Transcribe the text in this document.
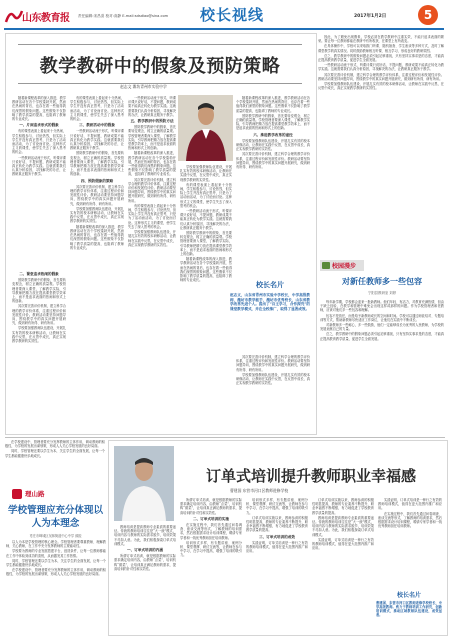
山东教育报 责任编辑:宋昌喜 校对:高静 E-mail:sdsdiao@sina.com 校长视线	2017年1月2日	5
教学教研中的假象及预防策略
赵志文 潍坊青州市实验中学

随着新课程改革的深入推进，教学教研活动在各个学校蓬勃开展，然而在热闹的背后，也存在着一些值得我们深思的假象问题。这些假象不仅影响了教学质量的提高，也阻碍了教师的专业成长。

一、片面追求形式的假象

有的课堂表面上看起来十分热闹，学生积极参与，讨论热烈，但实际上学生并没有真正思考，只是为了活动而活动，为了讨论而讨论。这种形式主义的课堂，使学生失去了深入思考的机会。

一些教研活动流于形式，听课评课只说好话，不提问题，教研成果不能真正转化为教学实践。这就需要我们认真分析原因，寻找解决的办法，让教研真正服务于教学。

二、课堂追求热闹的假象

预防教学教研中的假象，首先要转变观念，树立正确的质量观。学校管理者要深入课堂，了解教学实际，引导教师把精力放在提高课堂教学效率上，而不是追求表面的热闹和形式上的创新。

其次要完善评价机制，建立科学合理的教学评价体系，注重过程评价和发展性评价。教研活动要坚持问题导向，围绕教学中的真实问题开展研究，做到研有所得、研有所用。

学校要加强教师队伍建设，开展扎实有效的校本研修活动，让教师在实践中反思，在反思中成长，真正实现教学教研的实效性。

有的课堂表面上看起来十分热闹，学生积极参与，讨论热烈，但实际上学生并没有真正思考，只是为了活动而活动，为了讨论而讨论。这种形式主义的课堂，使学生失去了深入思考的机会。

三、教研活动中的假象

一些教研活动流于形式，听课评课只说好话，不提问题，教研成果不能真正转化为教学实践。这就需要我们认真分析原因，寻找解决的办法，让教研真正服务于教学。

预防教学教研中的假象，首先要转变观念，树立正确的质量观。学校管理者要深入课堂，了解教学实际，引导教师把精力放在提高课堂教学效率上，而不是追求表面的热闹和形式上的创新。

四、预防假象的策略

其次要完善评价机制，建立科学合理的教学评价体系，注重过程评价和发展性评价。教研活动要坚持问题导向，围绕教学中的真实问题开展研究，做到研有所得、研有所用。

学校要加强教师队伍建设，开展扎实有效的校本研修活动，让教师在实践中反思，在反思中成长，真正实现教学教研的实效性。

随着新课程改革的深入推进，教学教研活动在各个学校蓬勃开展，然而在热闹的背后，也存在着一些值得我们深思的假象问题。这些假象不仅影响了教学质量的提高，也阻碍了教师的专业成长。

一些教研活动流于形式，听课评课只说好话，不提问题，教研成果不能真正转化为教学实践。这就需要我们认真分析原因，寻找解决的办法，让教研真正服务于教学。

五、教学教研中的预防方法

预防教学教研中的假象，首先要转变观念，树立正确的质量观。学校管理者要深入课堂，了解教学实际，引导教师把精力放在提高课堂教学效率上，而不是追求表面的热闹和形式上的创新。

随着新课程改革的深入推进，教学教研活动在各个学校蓬勃开展，然而在热闹的背后，也存在着一些值得我们深思的假象问题。这些假象不仅影响了教学质量的提高，也阻碍了教师的专业成长。

其次要完善评价机制，建立科学合理的教学评价体系，注重过程评价和发展性评价。教研活动要坚持问题导向，围绕教学中的真实问题开展研究，做到研有所得、研有所用。

有的课堂表面上看起来十分热闹，学生积极参与，讨论热烈，但实际上学生并没有真正思考，只是为了活动而活动，为了讨论而讨论。这种形式主义的课堂，使学生失去了深入思考的机会。

学校要加强教师队伍建设，开展扎实有效的校本研修活动，让教师在实践中反思，在反思中成长，真正实现教学教研的实效性。

随着新课程改革的深入推进，教学教研活动在各个学校蓬勃开展，然而在热闹的背后，也存在着一些值得我们深思的假象问题。这些假象不仅影响了教学质量的提高，也阻碍了教师的专业成长。

预防教学教研中的假象，首先要转变观念，树立正确的质量观。学校管理者要深入课堂，了解教学实际，引导教师把精力放在提高课堂教学效率上，而不是追求表面的热闹和形式上的创新。

六、推进教学改革的途径

学校要加强教师队伍建设，开展扎实有效的校本研修活动，让教师在实践中反思，在反思中成长，真正实现教学教研的实效性。

其次要完善评价机制，建立科学合理的教学评价体系，注重过程评价和发展性评价。教研活动要坚持问题导向，围绕教学中的真实问题开展研究，做到研有所得、研有所用。

学校要加强教师队伍建设，开展扎实有效的校本研修活动，让教师在实践中反思，在反思中成长，真正实现教学教研的实效性。

有的课堂表面上看起来十分热闹，学生积极参与，讨论热烈，但实际上学生并没有真正思考，只是为了活动而活动，为了讨论而讨论。这种形式主义的课堂，使学生失去了深入思考的机会。

一些教研活动流于形式，听课评课只说好话，不提问题，教研成果不能真正转化为教学实践。这就需要我们认真分析原因，寻找解决的办法，让教研真正服务于教学。

预防教学教研中的假象，首先要转变观念，树立正确的质量观。学校管理者要深入课堂，了解教学实际，引导教师把精力放在提高课堂教学效率上，而不是追求表面的热闹和形式上的创新。

随着新课程改革的深入推进，教学教研活动在各个学校蓬勃开展，然而在热闹的背后，也存在着一些值得我们深思的假象问题。这些假象不仅影响了教学质量的提高，也阻碍了教师的专业成长。

校长名片
赵志文，山东省青州市实验中学校长，中学高级教师，潍坊市教学能手，潍坊市优秀校长，山东省教学改革先进个人。提出了“自主学习，合作探究”的课堂教学模式，并在全校推广，取得了显著成效。

其次要完善评价机制，建立科学合理的教学评价体系，注重过程评价和发展性评价。教研活动要坚持问题导向，围绕教学中的真实问题开展研究，做到研有所得、研有所用。

学校要加强教师队伍建设，开展扎实有效的校本研修活动，让教师在实践中反思，在反思中成长，真正实现教学教研的实效性。

因此，为了避免出现假象，学校必须在教学教研中注重实效，不能只追求表面的繁荣。要让每一位教师都能在教研中有所收获，在课堂上有所改变。

在具体操作中，学校可以采取推门听课、随机抽查、学生座谈等多种方式，及时了解课堂教学的真实情况。同时鼓励教师相互听课、相互学习，形成良好的教研氛围。

总之，教学教研中的假象问题必须引起足够重视，只有坚持实事求是的态度，才能真正提高教育教学质量，促进学生全面发展。

一些教研活动流于形式，听课评课只说好话，不提问题，教研成果不能真正转化为教学实践。这就需要我们认真分析原因，寻找解决的办法，让教研真正服务于教学。

其次要完善评价机制，建立科学合理的教学评价体系，注重过程评价和发展性评价。教研活动要坚持问题导向，围绕教学中的真实问题开展研究，做到研有所得、研有所用。

学校要加强教师队伍建设，开展扎实有效的校本研修活动，让教师在实践中反思，在反思中成长，真正实现教学教研的实效性。

校园漫步
对新任教师多一些包容
宁阳县教研室 刘婷

每年新学期，学校都会迎来一批新教师。他们年轻、有活力，对教育充满热情，但由于缺乏经验，在教学和管理中难免会出现这样或那样的问题。作为学校管理者和老教师，应该对他们多一些包容和理解。

包容不是放任，而是给予新教师成长的空间和时间。学校可以通过师徒结对、专题培训等方式，帮助新教师尽快适应工作岗位，让他们在实践中不断成长。

对新教师多一些耐心，多一些鼓励，他们一定能够成长为优秀的人民教师，为学校的发展贡献自己的力量。

总之，教学教研中的假象问题必须引起足够重视，只有坚持实事求是的态度，才能真正提高教育教学质量，促进学生全面发展。

在学校建设中，管理者要充分发挥教师的主体作用，调动教师的积极性，为学校的发展出谋划策，形成人人关心学校发展的良好局面。

同时，学校管理还要以学生为本，关注学生的全面发展，让每一个学生都能健康快乐地成长。

理山路
学校管理应充分体现以人为本理念
枣庄市峄城区吴林街道中心中学 薛振

以人为本是学校管理的核心理念。学校管理者要尊重教师、理解教师、关心教师，在工作中充分发挥教师的主观能动性。

学校要为教师的专业发展搭建平台，创造条件，让每一位教师都能在工作中体验到成功的喜悦，从而激发其工作热情。

同时，学校管理还要以学生为本，关注学生的全面发展，让每一个学生都能健康快乐地成长。

在学校建设中，管理者要充分发挥教师的主体作用，调动教师的积极性，为学校的发展出谋划策，形成人人关心学校发展的良好局面。

订单式培训提升教师职业幸福感
曹建国 东营市河口区教师进修学校

教师培训是提高教师专业素质的重要途径。传统的教师培训往往是“大一统”模式，培训内容与教师的实际需求脱节，培训效果不尽如人意。为此，我们积极探索订单式培训模式。

一、订单式培训的内涵

所谓订单式培训，就是根据教师的实际需求确定培训内容，由教师“点菜”，培训机构“做菜”，让培训真正满足教师的需求，提高培训的针对性和实效性。

所谓订单式培训，就是根据教师的实际需求确定培训内容，由教师“点菜”，培训机构“做菜”，让培训真正满足教师的需求，提高培训的针对性和实效性。

二、订单式培训的实施

在实施过程中，我们首先通过问卷调查、座谈交流等形式，了解教师的培训需求，然后根据需求设计培训课程，聘请专家学者和一线优秀教师担任培训教师。

培训形式多样，有专题讲座、案例分析、课堂观摩、研讨交流等，让教师在参与中学习，在学习中提高，增强了培训的吸引力。

培训形式多样，有专题讲座、案例分析、课堂观摩、研讨交流等，让教师在参与中学习，在学习中提高，增强了培训的吸引力。

订单式培训实施以来，教师参训的积极性明显提高，教师的专业素养不断提升，职业幸福感不断增强，有力地促进了学校教育教学质量的提高。

三、订单式培训的成效

实践证明，订单式培训是一种行之有效的教师培训模式，值得在更大范围内推广和应用。

订单式培训实施以来，教师参训的积极性明显提高，教师的专业素养不断提升，职业幸福感不断增强，有力地促进了学校教育教学质量的提高。

教师培训是提高教师专业素质的重要途径。传统的教师培训往往是“大一统”模式，培训内容与教师的实际需求脱节，培训效果不尽如人意。为此，我们积极探索订单式培训模式。

实践证明，订单式培训是一种行之有效的教师培训模式，值得在更大范围内推广和应用。

实践证明，订单式培训是一种行之有效的教师培训模式，值得在更大范围内推广和应用。

在实施过程中，我们首先通过问卷调查、座谈交流等形式，了解教师的培训需求，然后根据需求设计培训课程，聘请专家学者和一线优秀教师担任培训教师。

校长名片
曹建国，东营市河口区教师进修学校校长，中学高级教师。致力于教师培训工作研究，创新培训模式，推动区域教师队伍建设，成效显著。
